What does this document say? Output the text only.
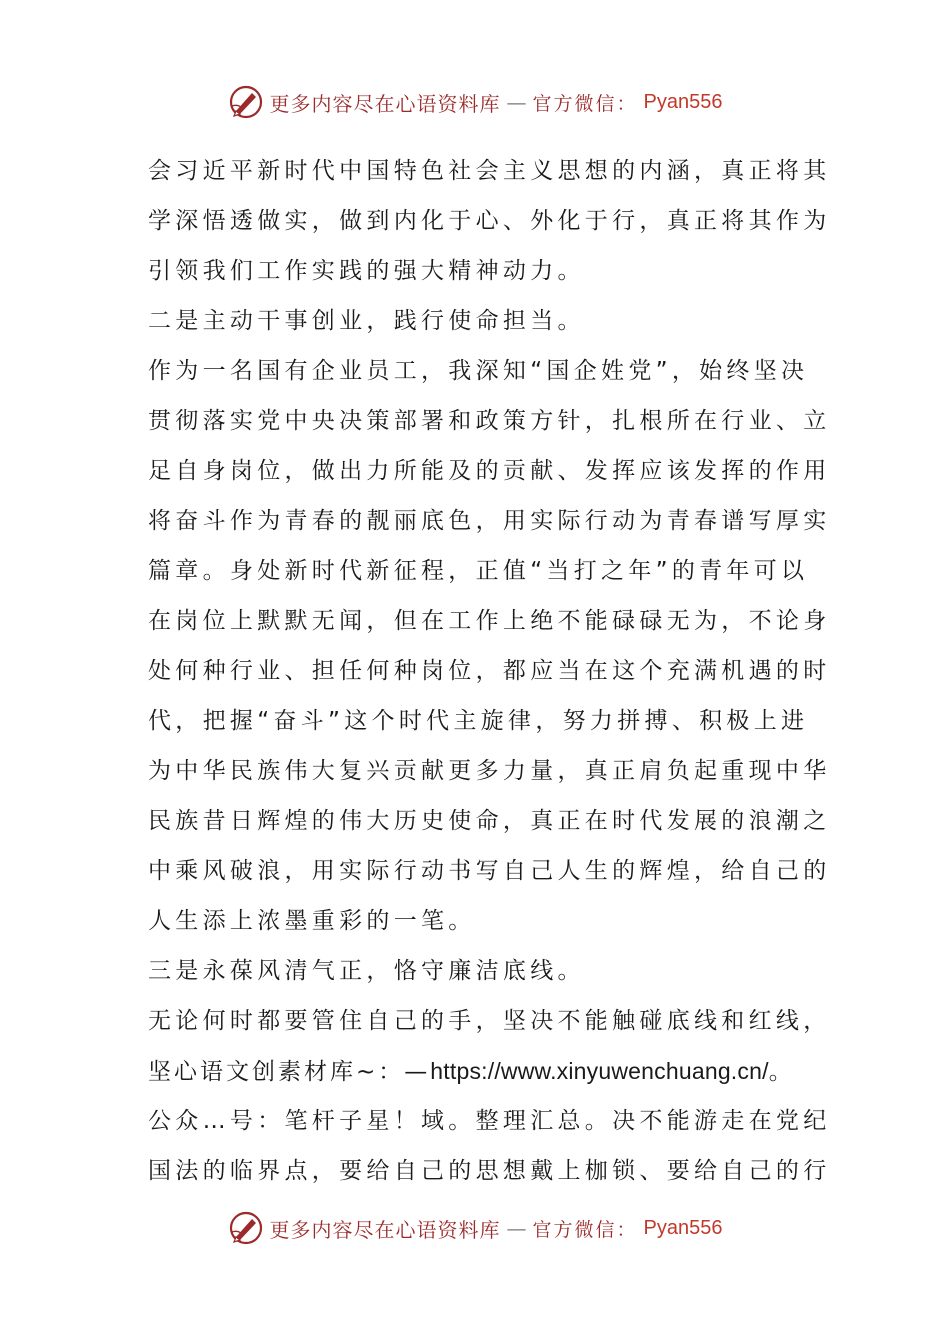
更多内容尽在心语资料库 — 官方微信： Pyan556
会习近平新时代中国特色社会主义思想的内涵，真正将其
学深悟透做实，做到内化于心、外化于行，真正将其作为
引领我们工作实践的强大精神动力。
二是主动干事创业，践行使命担当。
作为一名国有企业员工，我深知“国企姓党”，始终坚决
贯彻落实党中央决策部署和政策方针，扎根所在行业、立
足自身岗位，做出力所能及的贡献、发挥应该发挥的作用
将奋斗作为青春的靓丽底色，用实际行动为青春谱写厚实
篇章。身处新时代新征程，正值“当打之年”的青年可以
在岗位上默默无闻，但在工作上绝不能碌碌无为，不论身
处何种行业、担任何种岗位，都应当在这个充满机遇的时
代，把握“奋斗”这个时代主旋律，努力拼搏、积极上进
为中华民族伟大复兴贡献更多力量，真正肩负起重现中华
民族昔日辉煌的伟大历史使命，真正在时代发展的浪潮之
中乘风破浪，用实际行动书写自己人生的辉煌，给自己的
人生添上浓墨重彩的一笔。
三是永葆风清气正，恪守廉洁底线。
无论何时都要管住自己的手，坚决不能触碰底线和红线，
坚心语文创素材库~：—https://www.xinyuwenchuang.cn/。
公众…号：笔杆子星！域。整理汇总。决不能游走在党纪
国法的临界点，要给自己的思想戴上枷锁、要给自己的行
更多内容尽在心语资料库 — 官方微信： Pyan556
